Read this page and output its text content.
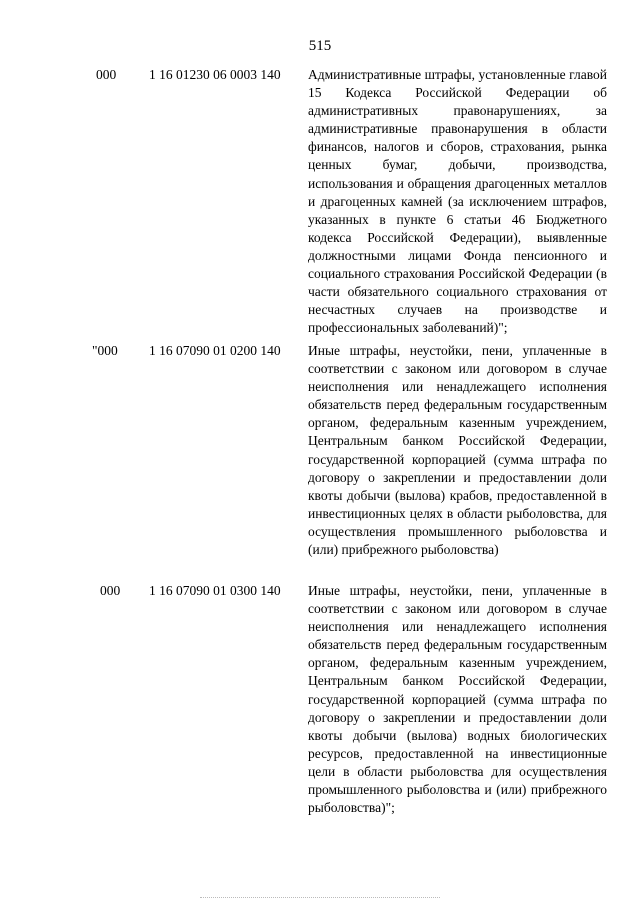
515
000	1 16 01230 06 0003 140	Административные штрафы, установленные главой 15 Кодекса Российской Федерации об административных правонарушениях, за административные правонарушения в области финансов, налогов и сборов, страхования, рынка ценных бумаг, добычи, производства, использования и обращения драгоценных металлов и драгоценных камней (за исключением штрафов, указанных в пункте 6 статьи 46 Бюджетного кодекса Российской Федерации), выявленные должностными лицами Фонда пенсионного и социального страхования Российской Федерации (в части обязательного социального страхования от несчастных случаев на производстве и профессиональных заболеваний)";
"000	1 16 07090 01 0200 140	Иные штрафы, неустойки, пени, уплаченные в соответствии с законом или договором в случае неисполнения или ненадлежащего исполнения обязательств перед федеральным государственным органом, федеральным казенным учреждением, Центральным банком Российской Федерации, государственной корпорацией (сумма штрафа по договору о закреплении и предоставлении доли квоты добычи (вылова) крабов, предоставленной в инвестиционных целях в области рыболовства, для осуществления промышленного рыболовства и (или) прибрежного рыболовства)
000	1 16 07090 01 0300 140	Иные штрафы, неустойки, пени, уплаченные в соответствии с законом или договором в случае неисполнения или ненадлежащего исполнения обязательств перед федеральным государственным органом, федеральным казенным учреждением, Центральным банком Российской Федерации, государственной корпорацией (сумма штрафа по договору о закреплении и предоставлении доли квоты добычи (вылова) водных биологических ресурсов, предоставленной на инвестиционные цели в области рыболовства для осуществления промышленного рыболовства и (или) прибрежного рыболовства)";
